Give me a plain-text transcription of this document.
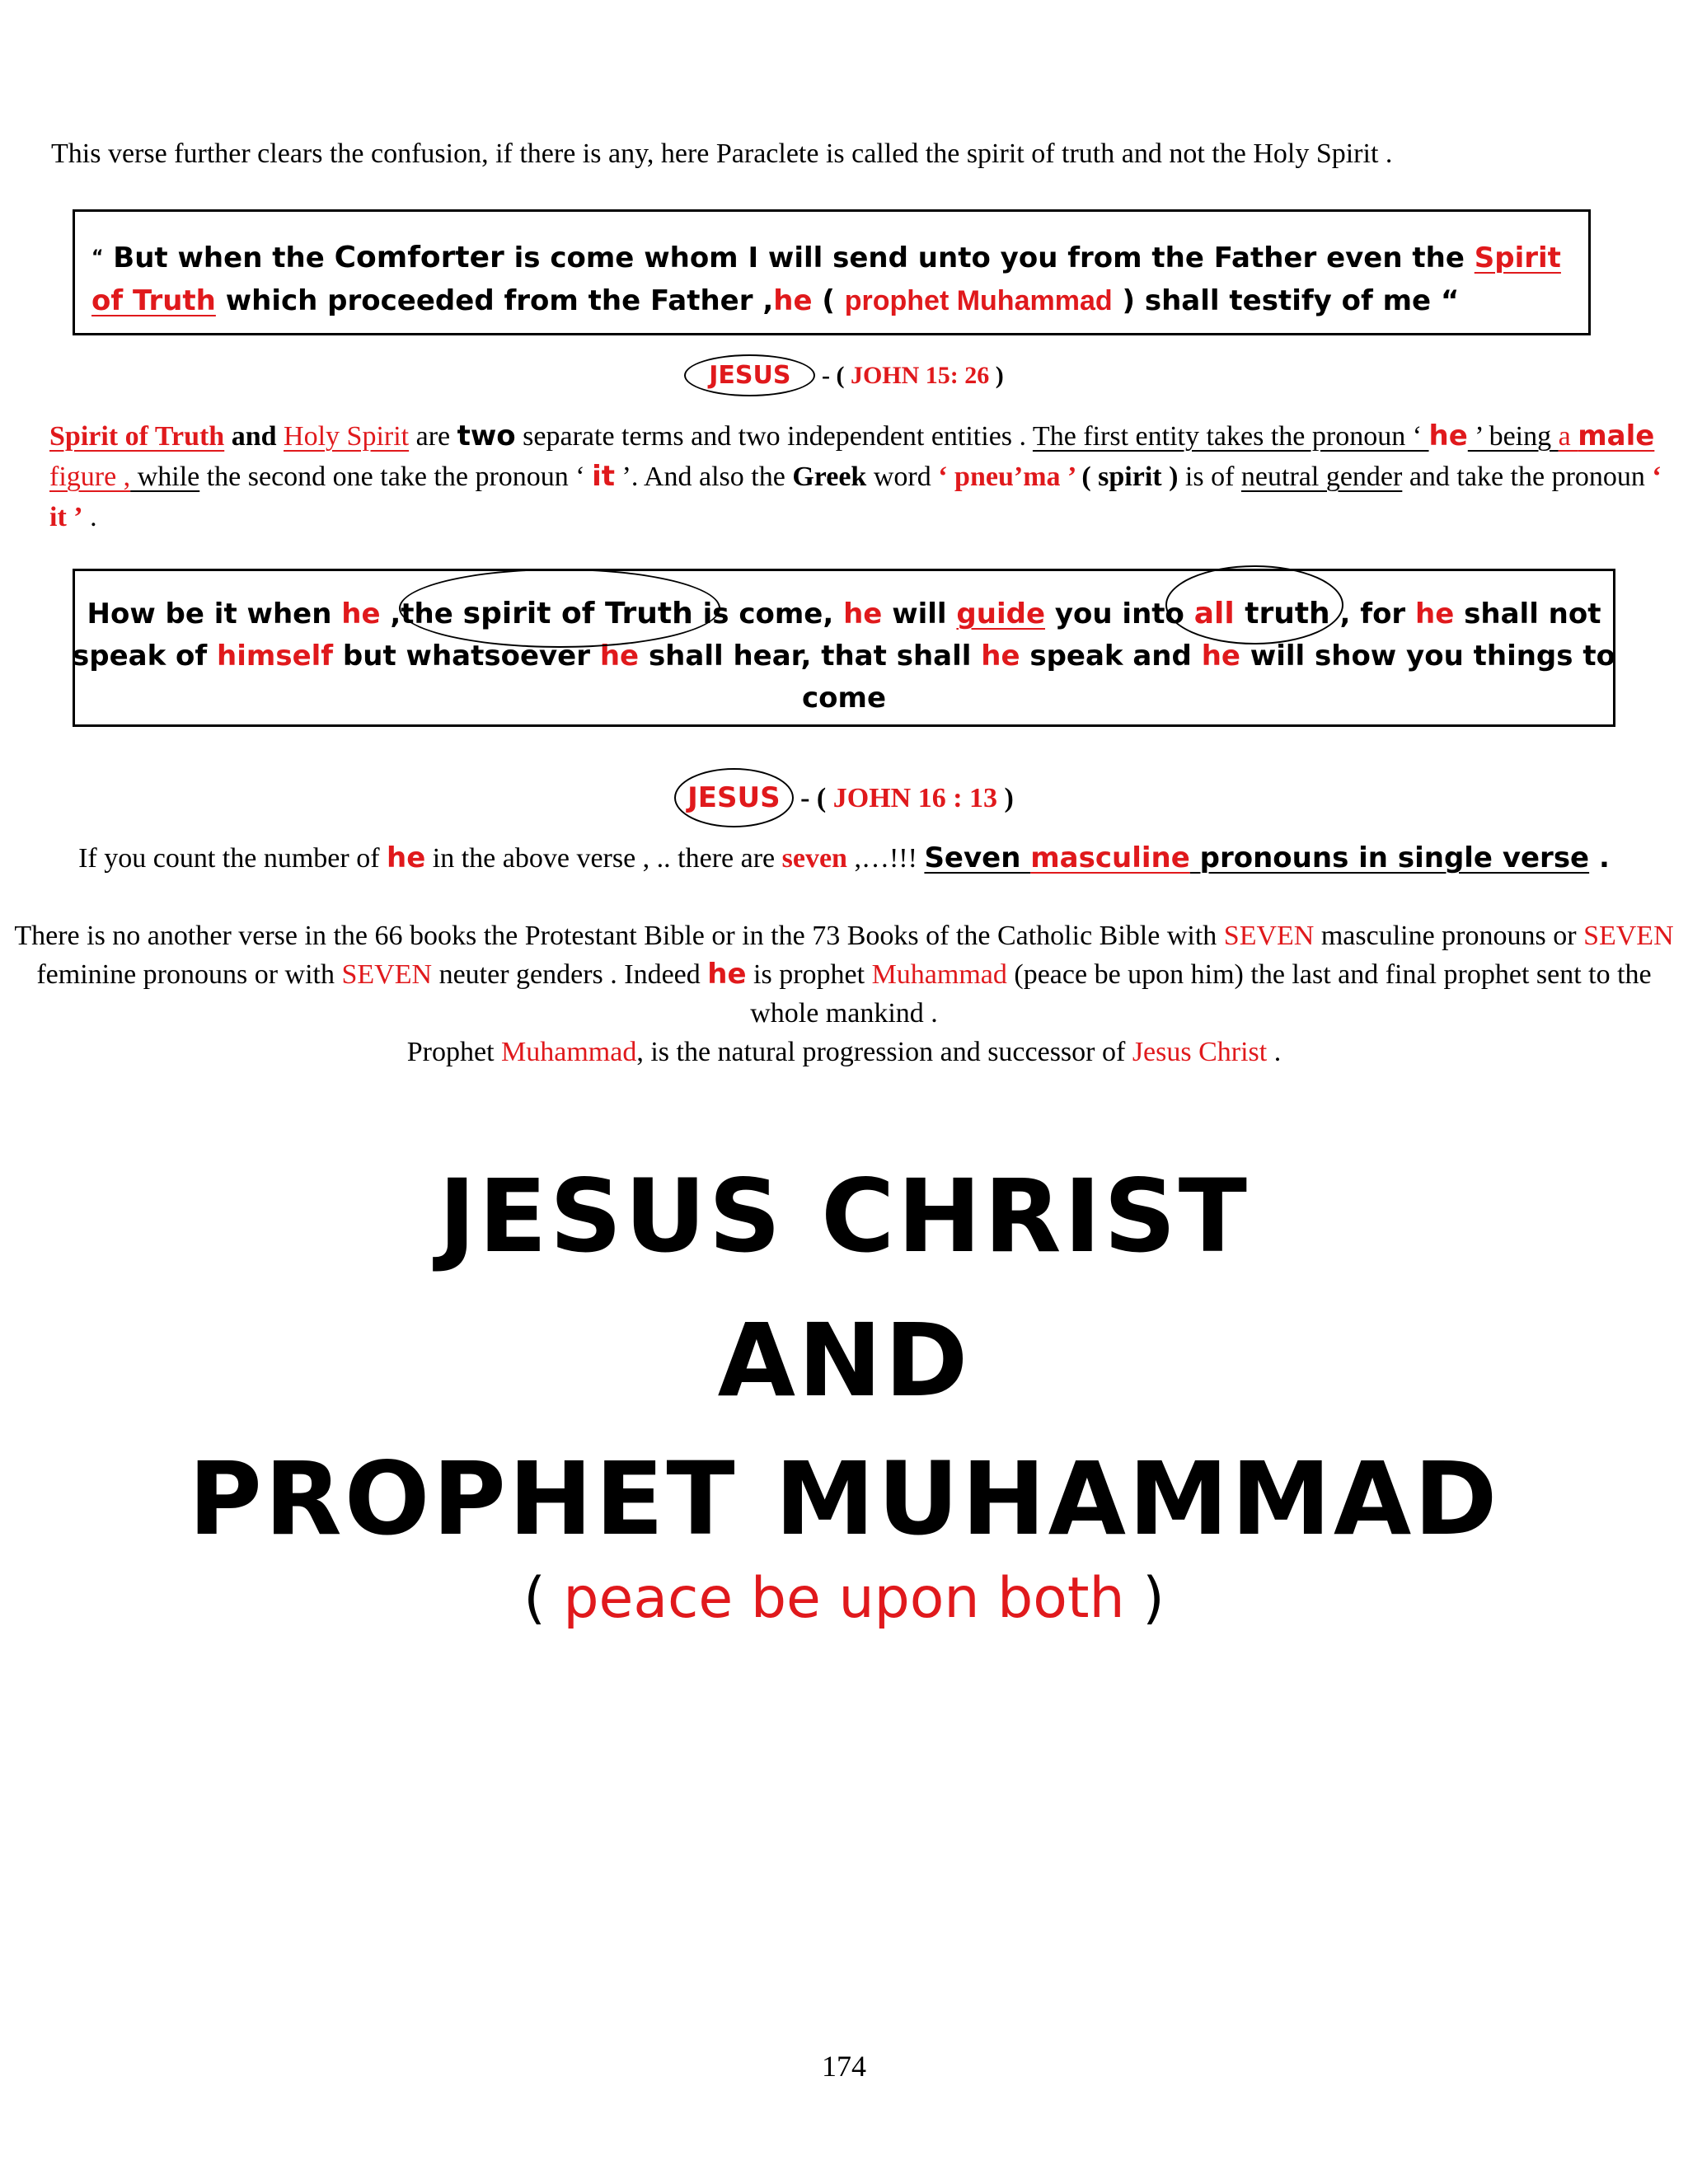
This verse further clears the confusion, if there is any, here Paraclete is called the spirit of truth and not the Holy Spirit .
“ But when the Comforter is come whom I will send unto you from the Father even the Spirit of Truth which proceeded from the Father ,he ( prophet Muhammad ) shall testify of me “
JESUS - ( JOHN 15: 26 )
Spirit of Truth and Holy Spirit are two separate terms and two independent entities . The first entity takes the pronoun ‘ he ’ being a male figure , while the second one take the pronoun ‘ it ’. And also the Greek word ‘ pneu’ma ’ ( spirit ) is of neutral gender and take the pronoun ‘ it ’ .
How be it when he ,the spirit of Truth is come, he will guide you into all truth , for he shall not speak of himself but whatsoever he shall hear, that shall he speak and he will show you things to come
JESUS - ( JOHN 16 : 13 )
If you count the number of he in the above verse , .. there are seven ,…!!! Seven masculine pronouns in single verse .
There is no another verse in the 66 books the Protestant Bible or in the 73 Books of the Catholic Bible with SEVEN masculine pronouns or SEVEN feminine pronouns or with SEVEN neuter genders . Indeed he is prophet Muhammad (peace be upon him) the last and final prophet sent to the whole mankind .
Prophet Muhammad, is the natural progression and successor of Jesus Christ .
JESUS CHRIST
AND
PROPHET MUHAMMAD
( peace be upon both )
174
